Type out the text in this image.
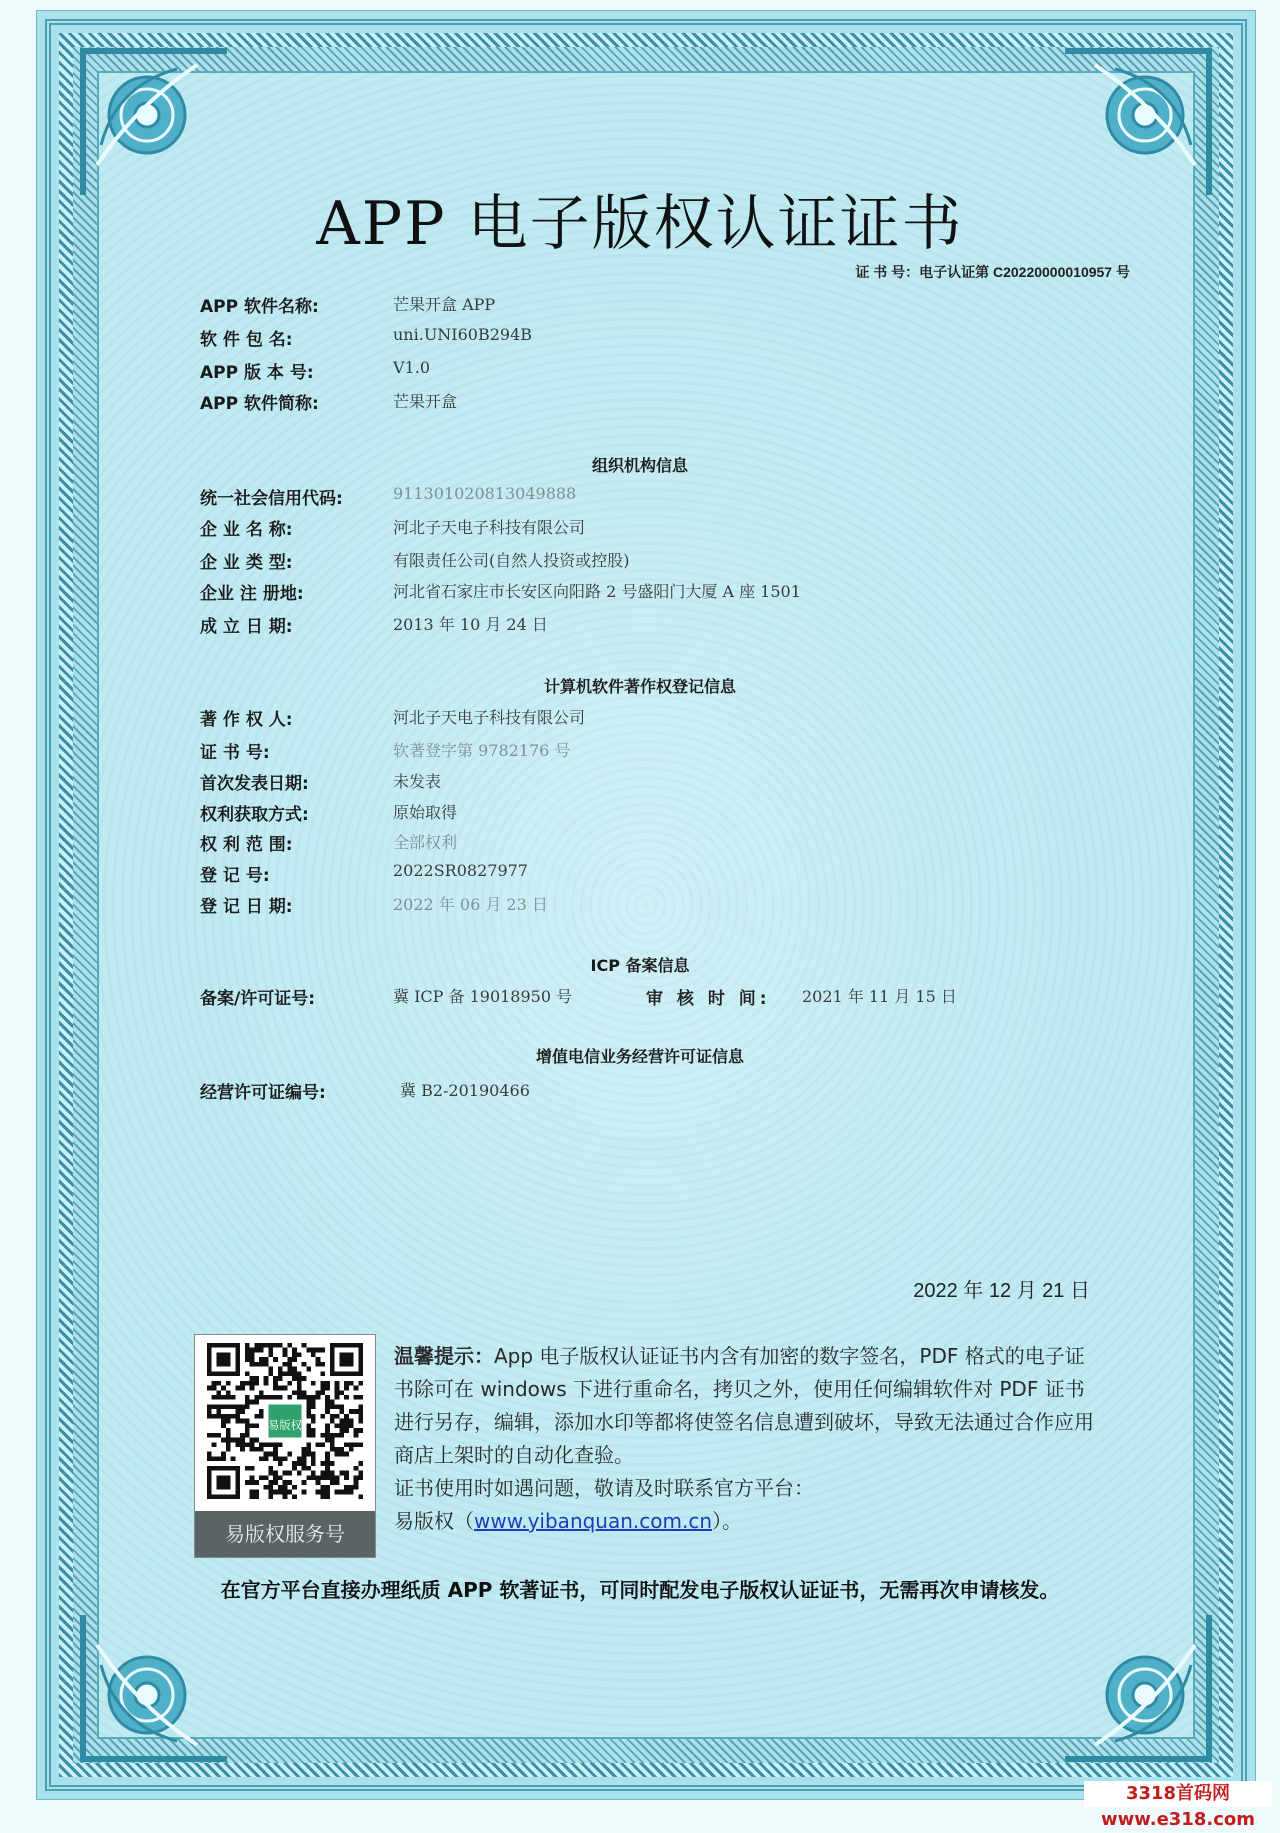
APP 电子版权认证证书
证 书 号：电子认证第 C20220000010957 号
APP 软件名称:	芒果开盒 APP
软 件 包 名:	uni.UNI60B294B
APP 版 本 号:	V1.0
APP 软件简称:	芒果开盒
组织机构信息
统一社会信用代码:	911301020813049888
企 业 名 称:	河北子天电子科技有限公司
企 业 类 型:	有限责任公司(自然人投资或控股)
企业 注 册地:	河北省石家庄市长安区向阳路 2 号盛阳门大厦 A 座 1501
成 立 日 期:	2013 年 10 月 24 日
计算机软件著作权登记信息
著 作 权 人:	河北子天电子科技有限公司
证 书 号:	软著登字第 9782176 号
首次发表日期:	未发表
权利获取方式:	原始取得
权 利 范 围:	全部权利
登 记 号:	2022SR0827977
登 记 日 期:	2022 年 06 月 23 日
ICP 备案信息
备案/许可证号:	冀 ICP 备 19018950 号	审 核 时 间: 2021 年 11 月 15 日
增值电信业务经营许可证信息
经营许可证编号:	冀 B2-20190466
2022 年 12 月 21 日
易版权
易版权服务号
温馨提示：App 电子版权认证证书内含有加密的数字签名，PDF 格式的电子证书除可在 windows 下进行重命名，拷贝之外，使用任何编辑软件对 PDF 证书进行另存，编辑，添加水印等都将使签名信息遭到破坏，导致无法通过合作应用商店上架时的自动化查验。
证书使用时如遇问题，敬请及时联系官方平台：
易版权（www.yibanquan.com.cn）。
在官方平台直接办理纸质 APP 软著证书，可同时配发电子版权认证证书，无需再次申请核发。
3318首码网www.e318.com
